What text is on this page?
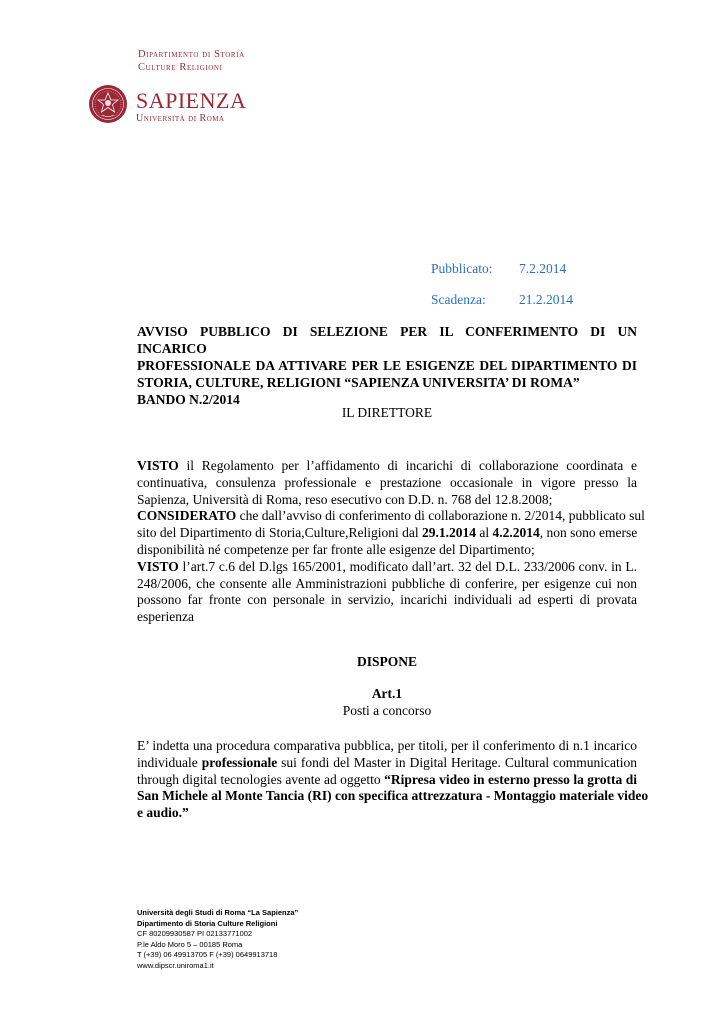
Dipartimento di Storia
Culture Religioni
SAPIENZA
Università di Roma
Pubblicato: 7.2.2014
Scadenza: 21.2.2014
AVVISO PUBBLICO DI SELEZIONE PER IL CONFERIMENTO DI UN INCARICO
PROFESSIONALE DA ATTIVARE PER LE ESIGENZE DEL DIPARTIMENTO DI
STORIA, CULTURE, RELIGIONI “SAPIENZA UNIVERSITA’ DI ROMA”
BANDO N.2/2014
IL DIRETTORE
VISTO il Regolamento per l’affidamento di incarichi di collaborazione coordinata e
continuativa, consulenza professionale e prestazione occasionale in vigore presso la
Sapienza, Università di Roma, reso esecutivo con D.D. n. 768 del 12.8.2008;
CONSIDERATO che dall’avviso di conferimento di collaborazione n. 2/2014, pubblicato sul
sito del Dipartimento di Storia,Culture,Religioni dal 29.1.2014 al 4.2.2014, non sono emerse
disponibilità né competenze per far fronte alle esigenze del Dipartimento;
VISTO l’art.7 c.6 del D.lgs 165/2001, modificato dall’art. 32 del D.L. 233/2006 conv. in L.
248/2006, che consente alle Amministrazioni pubbliche di conferire, per esigenze cui non
possono far fronte con personale in servizio, incarichi individuali ad esperti di provata
esperienza
DISPONE
Art.1
Posti a concorso
E’ indetta una procedura comparativa pubblica, per titoli, per il conferimento di n.1 incarico
individuale professionale sui fondi del Master in Digital Heritage. Cultural communication
through digital tecnologies avente ad oggetto “Ripresa video in esterno presso la grotta di
San Michele al Monte Tancia (RI) con specifica attrezzatura - Montaggio materiale video
e audio.”
Università degli Studi di Roma “La Sapienza”
Dipartimento di Storia Culture Religioni
CF 80209930587 PI 02133771002
P.le Aldo Moro 5 – 00185 Roma
T (+39) 06 49913705 F (+39) 0649913718
www.dipscr.uniroma1.it
